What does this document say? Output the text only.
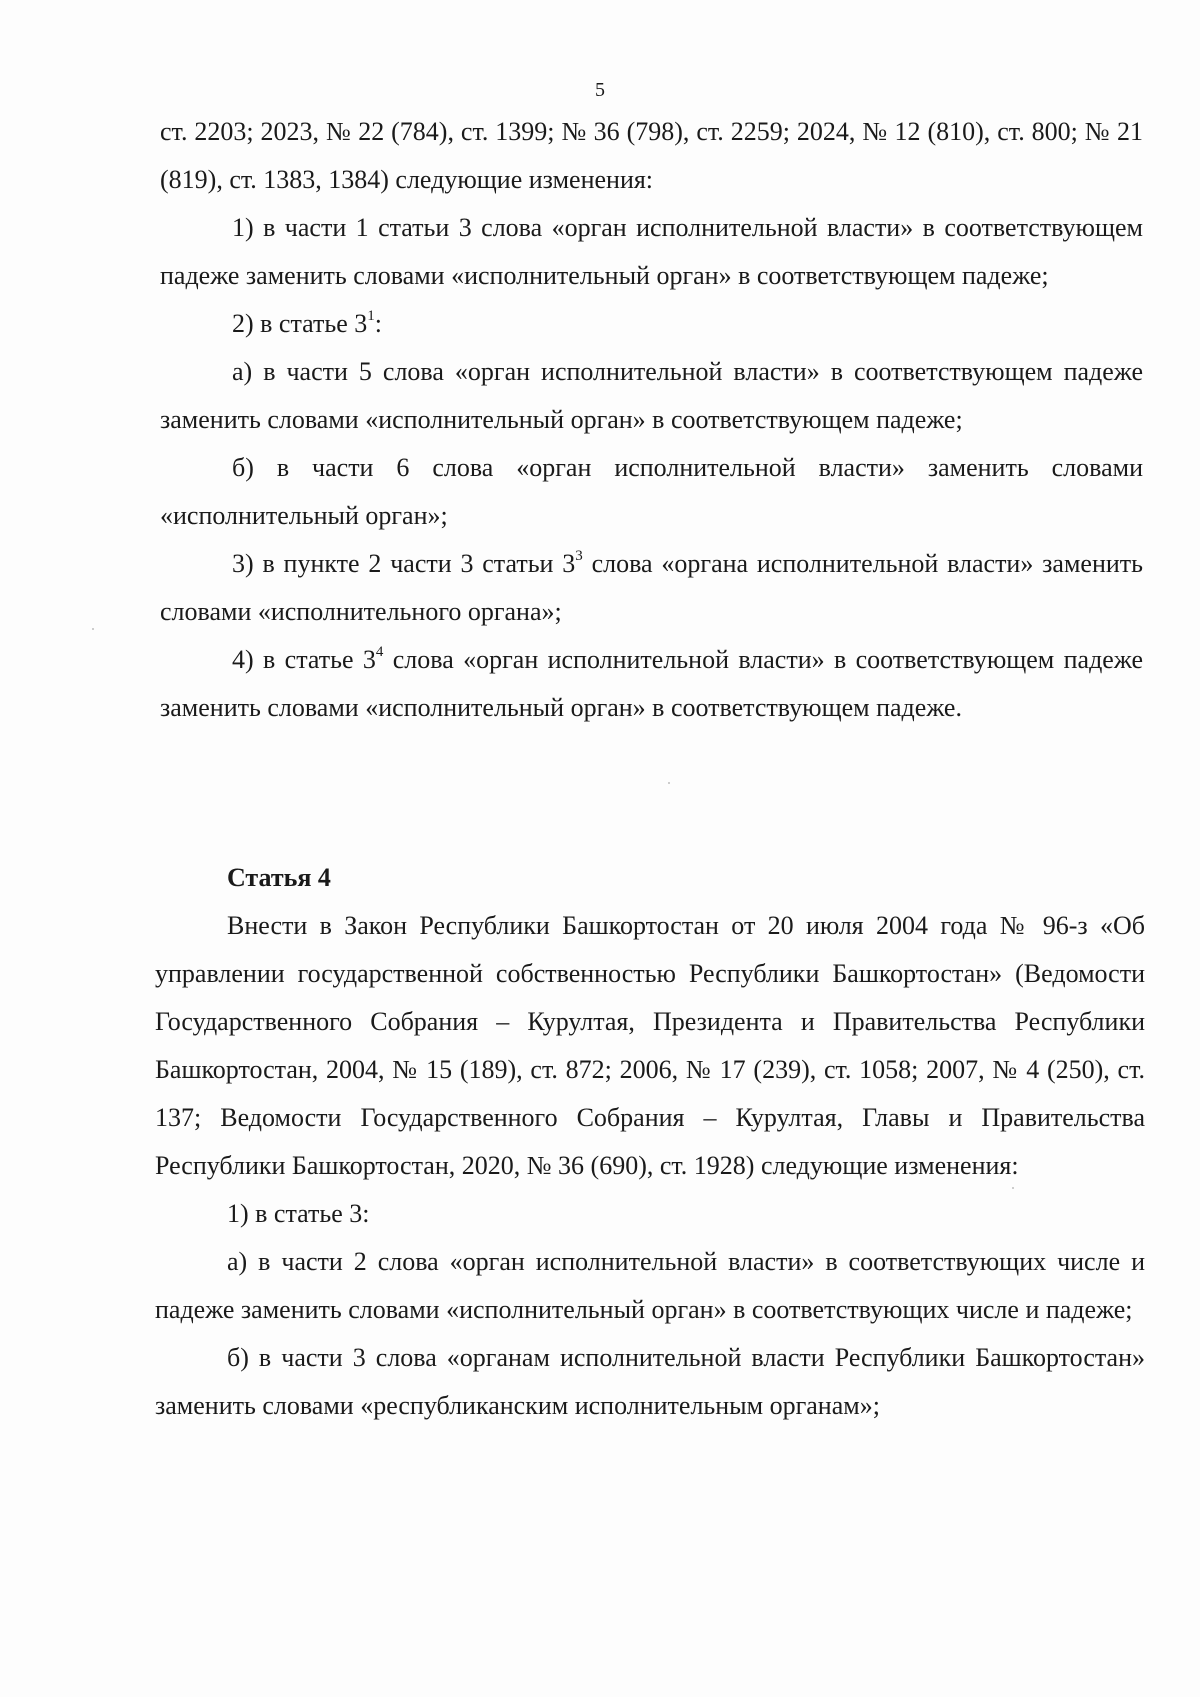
5

ст. 2203; 2023, № 22 (784), ст. 1399; № 36 (798), ст. 2259; 2024, № 12 (810), ст. 800; № 21 (819), ст. 1383, 1384) следующие изменения:

1) в части 1 статьи 3 слова «орган исполнительной власти» в соответствующем падеже заменить словами «исполнительный орган» в соответствующем падеже;

2) в статье $3^1$:

а) в части 5 слова «орган исполнительной власти» в соответствующем падеже заменить словами «исполнительный орган» в соответствующем падеже;

б) в части 6 слова «орган исполнительной власти» заменить словами «исполнительный орган»;

3) в пункте 2 части 3 статьи $3^3$ слова «органа исполнительной власти» заменить словами «исполнительного органа»;

4) в статье $3^4$ слова «орган исполнительной власти» в соответствующем падеже заменить словами «исполнительный орган» в соответствующем падеже.

Статья 4

Внести в Закон Республики Башкортостан от 20 июля 2004 года № 96-з «Об управлении государственной собственностью Республики Башкортостан» (Ведомости Государственного Собрания – Курултая, Президента и Правительства Республики Башкортостан, 2004, № 15 (189), ст. 872; 2006, № 17 (239), ст. 1058; 2007, № 4 (250), ст. 137; Ведомости Государственного Собрания – Курултая, Главы и Правительства Республики Башкортостан, 2020, № 36 (690), ст. 1928) следующие изменения:

1) в статье 3:

а) в части 2 слова «орган исполнительной власти» в соответствующих числе и падеже заменить словами «исполнительный орган» в соответствующих числе и падеже;

б) в части 3 слова «органам исполнительной власти Республики Башкортостан» заменить словами «республиканским исполнительным органам»;
